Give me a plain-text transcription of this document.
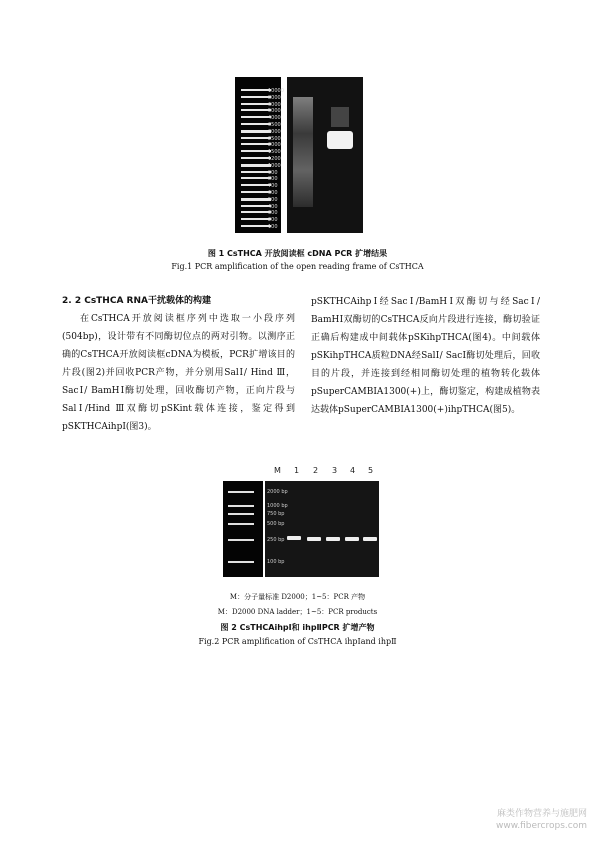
10000
8000
6000
5000
4000
3500
3000
2500
2000
1500
1200
1000
900
800
700
600
500
400
300
200
100
图 1 CsTHCA 开放阅读框 cDNA PCR 扩增结果
Fig.1 PCR amplification of the open reading frame of CsTHCA
2. 2 CsTHCA RNA干扰载体的构建

在CsTHCA开放阅读框序列中选取一小段序列(504bp)，设计带有不同酶切位点的两对引物。以测序正确的CsTHCA开放阅读框cDNA为模板，PCR扩增该目的片段(图2)并回收PCR产物，并分别用SalⅠ/ Hind Ⅲ，SacⅠ/ BamHⅠ酶切处理，回收酶切产物，正向片段与SalⅠ/Hind Ⅲ双酶切pSKint载体连接，鉴定得到pSKTHCAihpⅠ(图3)。

pSKTHCAihpⅠ经SacⅠ/BamHⅠ双酶切与经SacⅠ/ BamHⅠ双酶切的CsTHCA反向片段进行连接，酶切验证正确后构建成中间载体pSKihpTHCA(图4)。中间载体pSKihpTHCA质粒DNA经SalⅠ/ SacⅠ酶切处理后，回收目的片段，并连接到经相同酶切处理的植物转化载体pSuperCAMBIA1300(+)上，酶切鉴定，构建成植物表达载体pSuperCAMBIA1300(+)ihpTHCA(图5)。

2000 bp
1000 bp
750 bp
500 bp
250 bp
100 bp
M：分子量标准 D2000；1~5：PCR 产物
M：D2000 DNA ladder；1~5：PCR products
图 2 CsTHCAihpⅠ和 ihpⅡPCR 扩增产物
Fig.2 PCR amplification of CsTHCA ihpⅠand ihpⅡ
麻类作物营养与施肥网
www.fibercrops.com
M 1 2 3 4 5
